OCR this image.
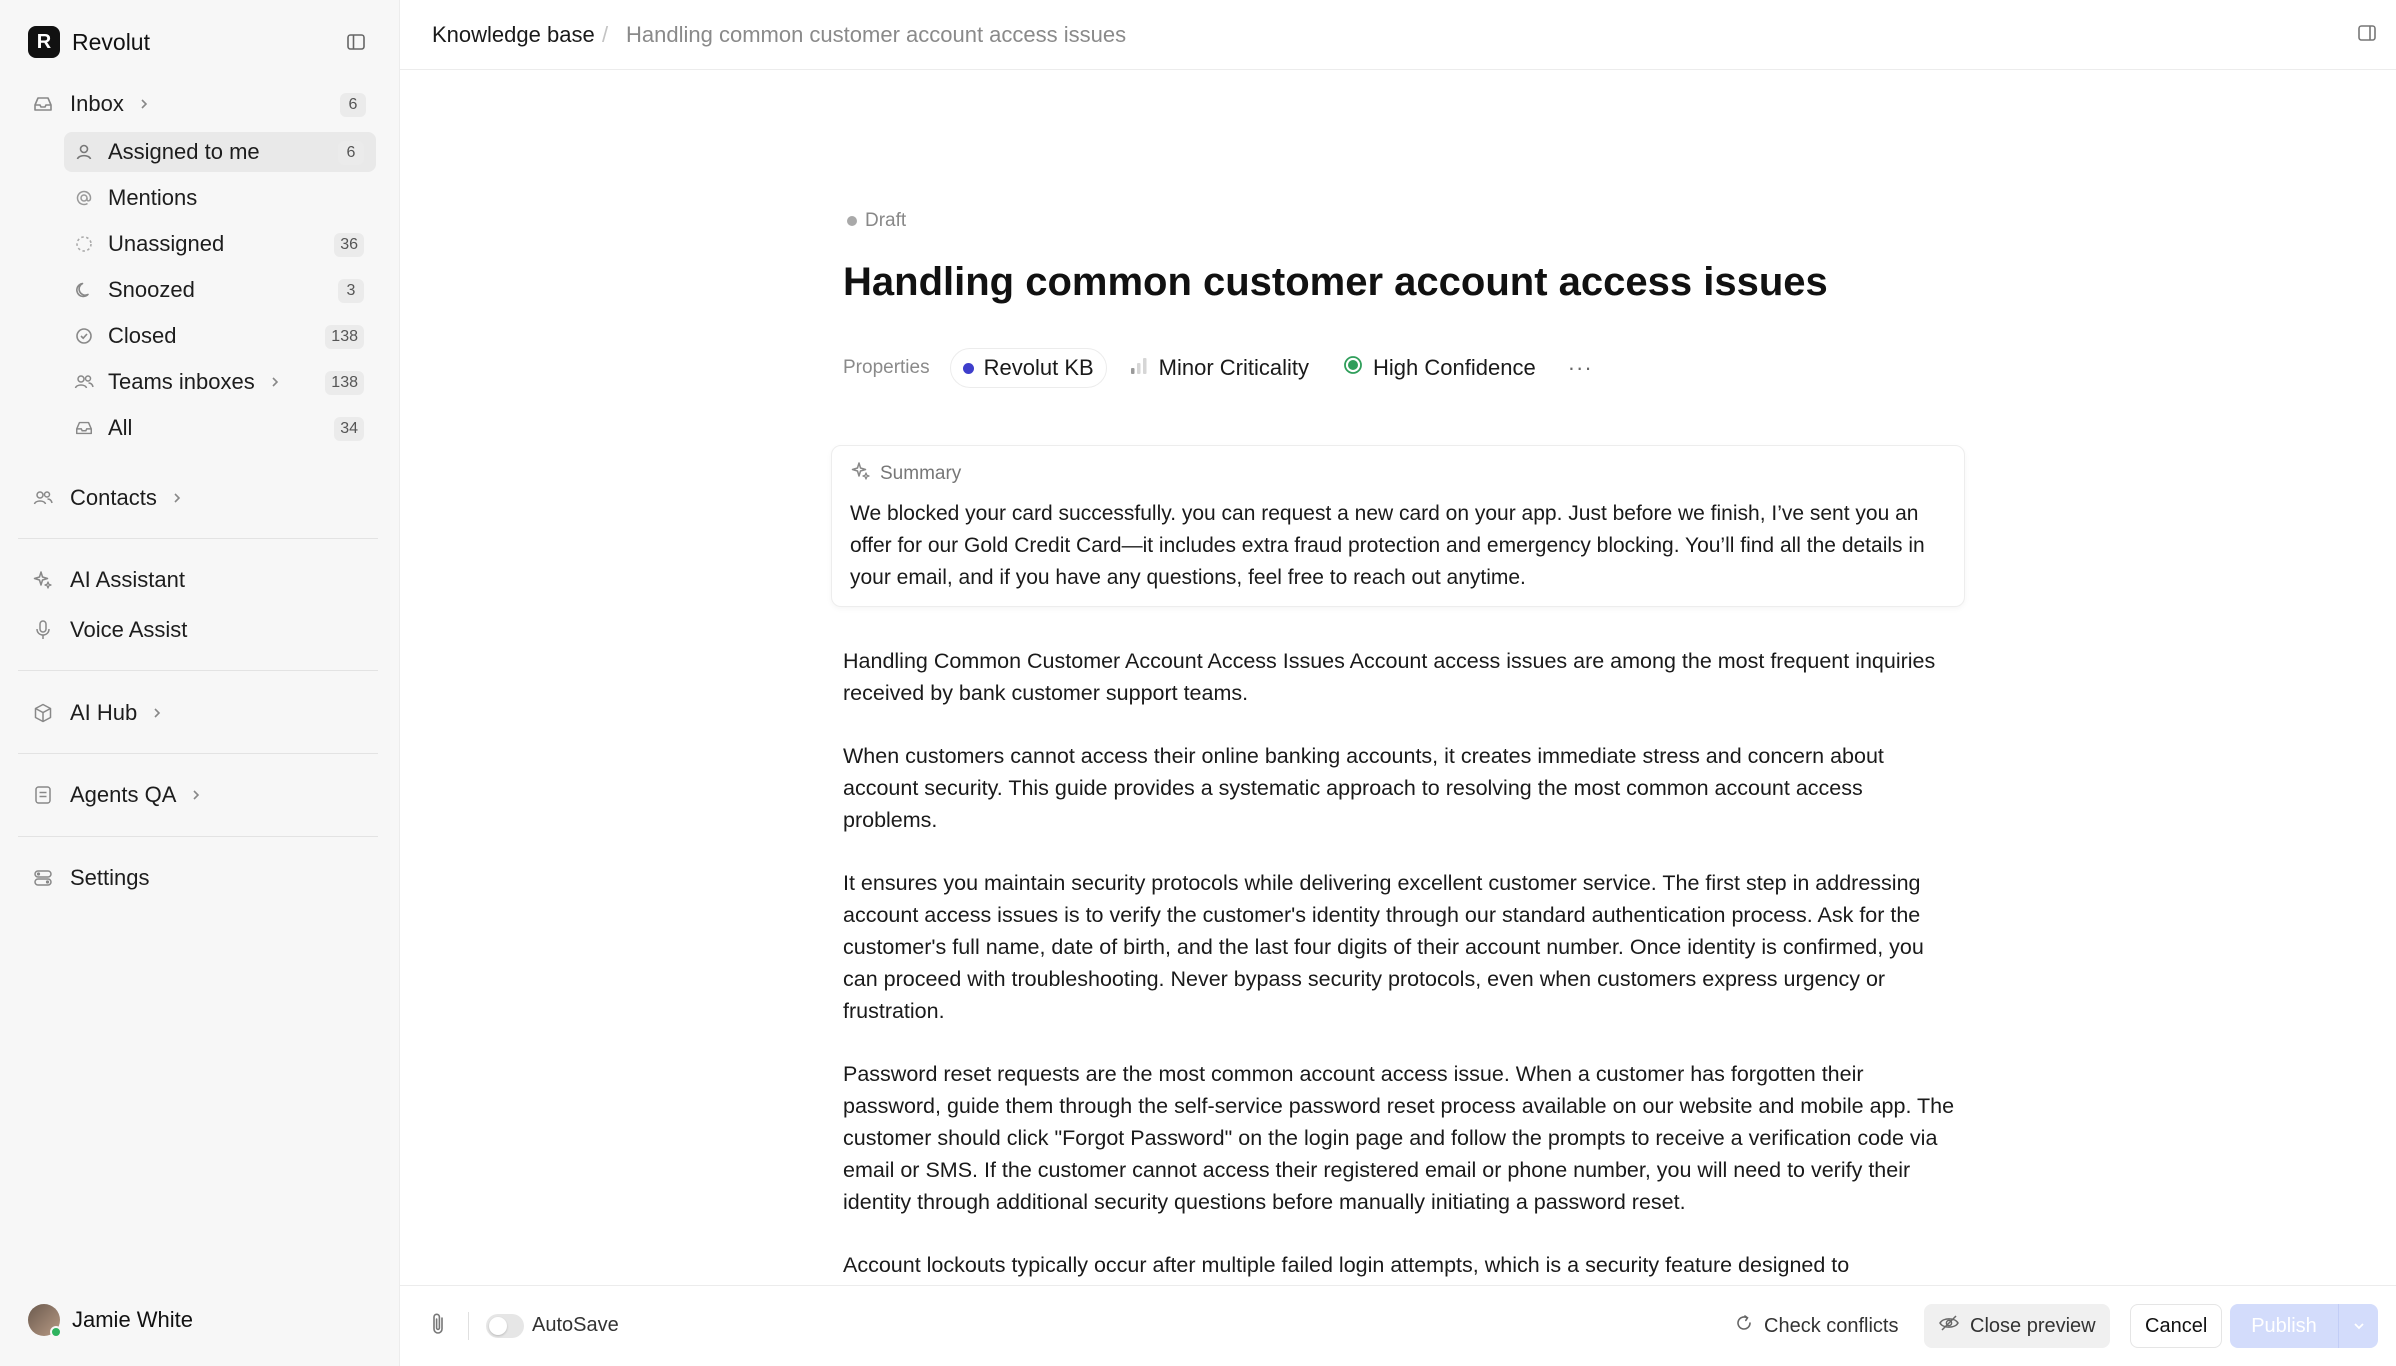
R Revolut
Inbox	6
Assigned to me	6
Mentions
Unassigned	36
Snoozed	3
Closed	138
Teams inboxes	138
All	34
Contacts
AI Assistant
Voice Assist
AI Hub
Agents QA
Settings
Jamie White
Knowledge base / Handling common customer account access issues
Draft
Handling common customer account access issues
Properties Revolut KB	Minor Criticality	High Confidence ···
Summary

We blocked your card successfully. you can request a new card on your app. Just before we finish, I’ve sent you an offer for our Gold Credit Card—it includes extra fraud protection and emergency blocking. You’ll find all the details in your email, and if you have any questions, feel free to reach out anytime.

Handling Common Customer Account Access Issues Account access issues are among the most frequent inquiries received by bank customer support teams.

When customers cannot access their online banking accounts, it creates immediate stress and concern about account security. This guide provides a systematic approach to resolving the most common account access problems.

It ensures you maintain security protocols while delivering excellent customer service. The first step in addressing account access issues is to verify the customer's identity through our standard authentication process. Ask for the customer's full name, date of birth, and the last four digits of their account number. Once identity is confirmed, you can proceed with troubleshooting. Never bypass security protocols, even when customers express urgency or frustration.

Password reset requests are the most common account access issue. When a customer has forgotten their password, guide them through the self-service password reset process available on our website and mobile app. The customer should click "Forgot Password" on the login page and follow the prompts to receive a verification code via email or SMS. If the customer cannot access their registered email or phone number, you will need to verify their identity through additional security questions before manually initiating a password reset.

Account lockouts typically occur after multiple failed login attempts, which is a security feature designed to

AutoSave	Check conflicts	Close preview	Cancel	Publish
